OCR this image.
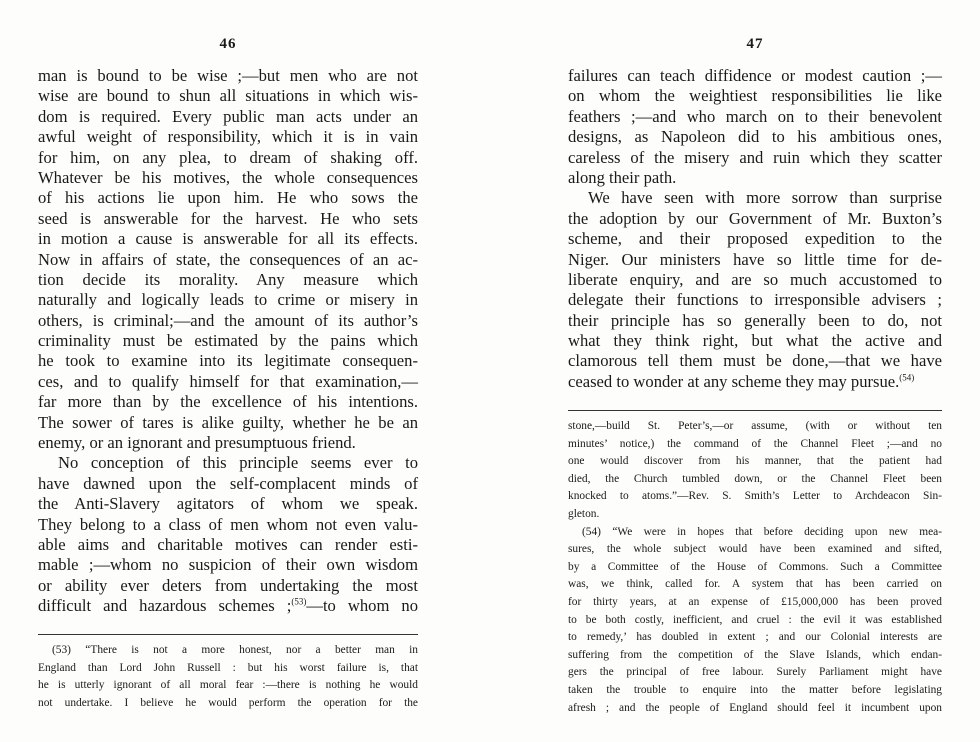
46
man is bound to be wise ;—but men who are not
wise are bound to shun all situations in which wis-
dom is required. Every public man acts under an
awful weight of responsibility, which it is in vain
for him, on any plea, to dream of shaking off.
Whatever be his motives, the whole consequences
of his actions lie upon him. He who sows the
seed is answerable for the harvest. He who sets
in motion a cause is answerable for all its effects.
Now in affairs of state, the consequences of an ac-
tion decide its morality. Any measure which
naturally and logically leads to crime or misery in
others, is criminal;—and the amount of its author’s
criminality must be estimated by the pains which
he took to examine into its legitimate consequen-
ces, and to qualify himself for that examination,—
far more than by the excellence of his intentions.
The sower of tares is alike guilty, whether he be an
enemy, or an ignorant and presumptuous friend.
No conception of this principle seems ever to
have dawned upon the self-complacent minds of
the Anti-Slavery agitators of whom we speak.
They belong to a class of men whom not even valu-
able aims and charitable motives can render esti-
mable ;—whom no suspicion of their own wisdom
or ability ever deters from undertaking the most
difficult and hazardous schemes ;$^{(53)}$—to whom no
(53) “There is not a more honest, nor a better man in
England than Lord John Russell : but his worst failure is, that
he is utterly ignorant of all moral fear :—there is nothing he would
not undertake. I believe he would perform the operation for the
47
failures can teach diffidence or modest caution ;—
on whom the weightiest responsibilities lie like
feathers ;—and who march on to their benevolent
designs, as Napoleon did to his ambitious ones,
careless of the misery and ruin which they scatter
along their path.
We have seen with more sorrow than surprise
the adoption by our Government of Mr. Buxton’s
scheme, and their proposed expedition to the
Niger. Our ministers have so little time for de-
liberate enquiry, and are so much accustomed to
delegate their functions to irresponsible advisers ;
their principle has so generally been to do, not
what they think right, but what the active and
clamorous tell them must be done,—that we have
ceased to wonder at any scheme they may pursue.$^{(54)}$
stone,—build St. Peter’s,—or assume, (with or without ten
minutes’ notice,) the command of the Channel Fleet ;—and no
one would discover from his manner, that the patient had
died, the Church tumbled down, or the Channel Fleet been
knocked to atoms.”—Rev. S. Smith’s Letter to Archdeacon Sin-
gleton.
(54) “We were in hopes that before deciding upon new mea-
sures, the whole subject would have been examined and sifted,
by a Committee of the House of Commons. Such a Committee
was, we think, called for. A system that has been carried on
for thirty years, at an expense of £15,000,000 has been proved
to be both costly, inefficient, and cruel : the evil it was established
to remedy,’ has doubled in extent ; and our Colonial interests are
suffering from the competition of the Slave Islands, which endan-
gers the principal of free labour. Surely Parliament might have
taken the trouble to enquire into the matter before legislating
afresh ; and the people of England should feel it incumbent upon
